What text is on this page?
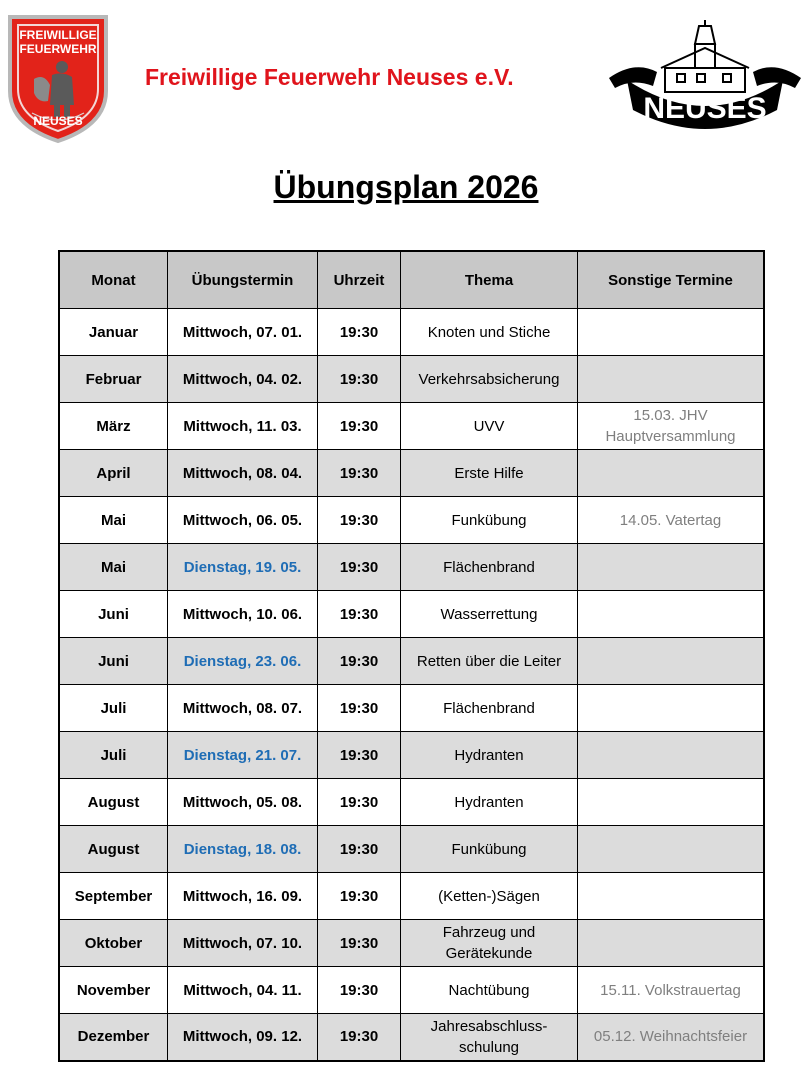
FREIWILLIGE
FEUERWEHR
NEUSES
Freiwillige Feuerwehr Neuses e.V.
NEUSES
Übungsplan 2026
Monat	Übungstermin	Uhrzeit	Thema	Sonstige Termine
Januar	Mittwoch, 07. 01.	19:30	Knoten und Stiche	
Februar	Mittwoch, 04. 02.	19:30	Verkehrsabsicherung	
März	Mittwoch, 11. 03.	19:30	UVV	15.03. JHV
Hauptversammlung
April	Mittwoch, 08. 04.	19:30	Erste Hilfe	
Mai	Mittwoch, 06. 05.	19:30	Funkübung	14.05. Vatertag
Mai	Dienstag, 19. 05.	19:30	Flächenbrand	
Juni	Mittwoch, 10. 06.	19:30	Wasserrettung	
Juni	Dienstag, 23. 06.	19:30	Retten über die Leiter	
Juli	Mittwoch, 08. 07.	19:30	Flächenbrand	
Juli	Dienstag, 21. 07.	19:30	Hydranten	
August	Mittwoch, 05. 08.	19:30	Hydranten	
August	Dienstag, 18. 08.	19:30	Funkübung	
September	Mittwoch, 16. 09.	19:30	(Ketten-)Sägen	
Oktober	Mittwoch, 07. 10.	19:30	Fahrzeug und
Gerätekunde	
November	Mittwoch, 04. 11.	19:30	Nachtübung	15.11. Volkstrauertag
Dezember	Mittwoch, 09. 12.	19:30	Jahresabschluss-
schulung	05.12. Weihnachtsfeier
